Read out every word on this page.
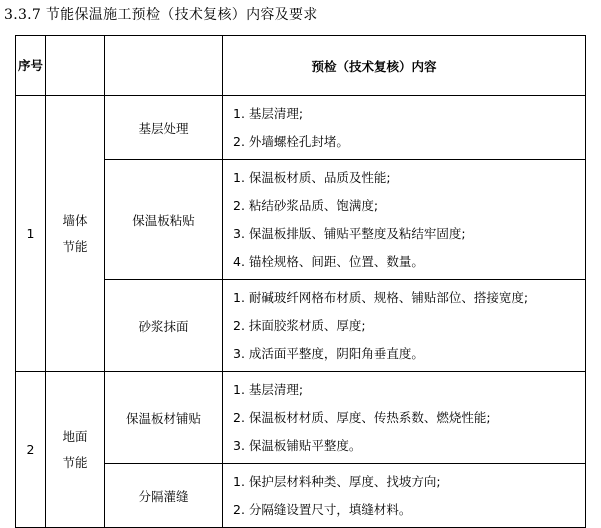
3.3.7 节能保温施工预检（技术复核）内容及要求
序号			预检（技术复核）内容
1	墙体节能	基层处理	1. 基层清理;
2. 外墙螺栓孔封堵。

		保温板粘贴	1. 保温板材质、品质及性能;
2. 粘结砂浆品质、饱满度;
3. 保温板排版、铺贴平整度及粘结牢固度;
4. 锚栓规格、间距、位置、数量。

		砂浆抹面	1. 耐碱玻纤网格布材质、规格、铺贴部位、搭接宽度;
2. 抹面胶浆材质、厚度;
3. 成活面平整度，阴阳角垂直度。

2	地面节能	保温板材铺贴	1. 基层清理;
2. 保温板材材质、厚度、传热系数、燃烧性能;
3. 保温板铺贴平整度。

		分隔灌缝	1. 保护层材料种类、厚度、找坡方向;
2. 分隔缝设置尺寸，填缝材料。
